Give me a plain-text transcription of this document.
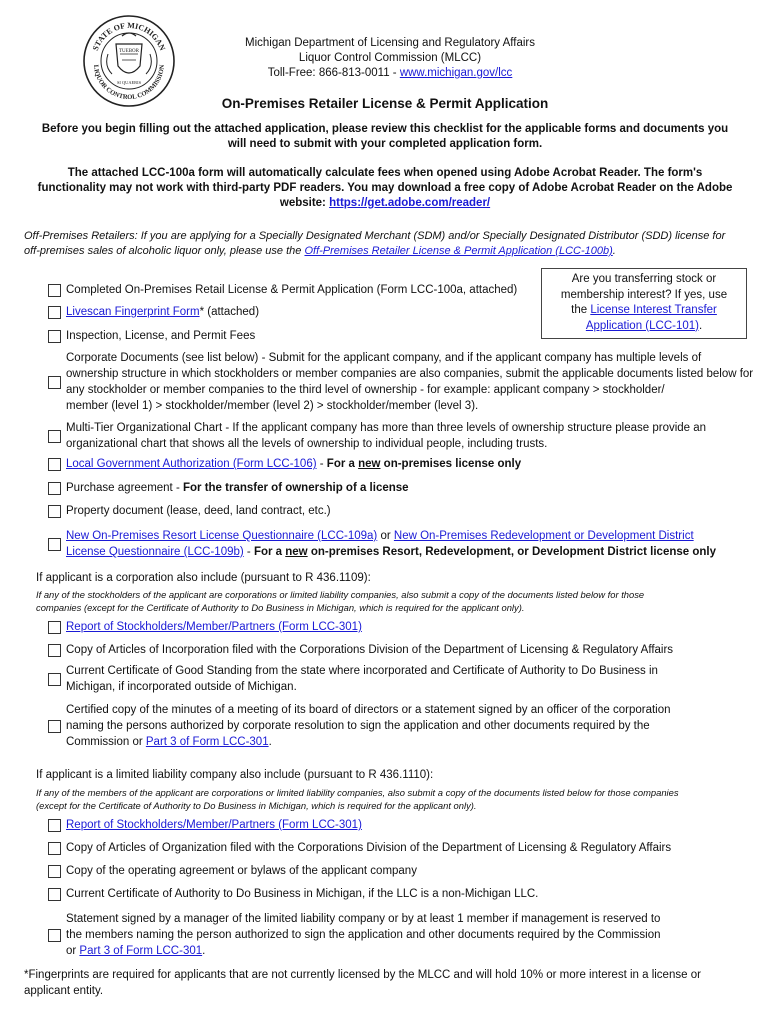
STATE OF MICHIGAN
LIQUOR CONTROL COMMISSION
TUEBOR
SI QUAERIS
Michigan Department of Licensing and Regulatory Affairs
Liquor Control Commission (MLCC)
Toll-Free: 866-813-0011 - www.michigan.gov/lcc
On-Premises Retailer License & Permit Application
Before you begin filling out the attached application, please review this checklist for the applicable forms and documents you
will need to submit with your completed application form.
The attached LCC-100a form will automatically calculate fees when opened using Adobe Acrobat Reader. The form's
functionality may not work with third-party PDF readers. You may download a free copy of Adobe Acrobat Reader on the Adobe
website: https://get.adobe.com/reader/
Off-Premises Retailers: If you are applying for a Specially Designated Merchant (SDM) and/or Specially Designated Distributor (SDD) license for
off-premises sales of alcoholic liquor only, please use the Off-Premises Retailer License & Permit Application (LCC-100b).
Are you transferring stock or
membership interest? If yes, use
the License Interest Transfer
Application (LCC-101).
Completed On-Premises Retail License & Permit Application (Form LCC-100a, attached)
Livescan Fingerprint Form* (attached)
Inspection, License, and Permit Fees
Corporate Documents (see list below) - Submit for the applicant company, and if the applicant company has multiple levels of
ownership structure in which stockholders or member companies are also companies, submit the applicable documents listed below for
any stockholder or member companies to the third level of ownership - for example: applicant company > stockholder/
member (level 1) > stockholder/member (level 2) > stockholder/member (level 3).
Multi-Tier Organizational Chart - If the applicant company has more than three levels of ownership structure please provide an
organizational chart that shows all the levels of ownership to individual people, including trusts.
Local Government Authorization (Form LCC-106) - For a new on-premises license only
Purchase agreement - For the transfer of ownership of a license
Property document (lease, deed, land contract, etc.)
New On-Premises Resort License Questionnaire (LCC-109a) or New On-Premises Redevelopment or Development District
License Questionnaire (LCC-109b) - For a new on-premises Resort, Redevelopment, or Development District license only
If applicant is a corporation also include (pursuant to R 436.1109):
If any of the stockholders of the applicant are corporations or limited liability companies, also submit a copy of the documents listed below for those
companies (except for the Certificate of Authority to Do Business in Michigan, which is required for the applicant only).
Report of Stockholders/Member/Partners (Form LCC-301)
Copy of Articles of Incorporation filed with the Corporations Division of the Department of Licensing & Regulatory Affairs
Current Certificate of Good Standing from the state where incorporated and Certificate of Authority to Do Business in
Michigan, if incorporated outside of Michigan.
Certified copy of the minutes of a meeting of its board of directors or a statement signed by an officer of the corporation
naming the persons authorized by corporate resolution to sign the application and other documents required by the
Commission or Part 3 of Form LCC-301.
If applicant is a limited liability company also include (pursuant to R 436.1110):
If any of the members of the applicant are corporations or limited liability companies, also submit a copy of the documents listed below for those companies
(except for the Certificate of Authority to Do Business in Michigan, which is required for the applicant only).
Report of Stockholders/Member/Partners (Form LCC-301)
Copy of Articles of Organization filed with the Corporations Division of the Department of Licensing & Regulatory Affairs
Copy of the operating agreement or bylaws of the applicant company
Current Certificate of Authority to Do Business in Michigan, if the LLC is a non-Michigan LLC.
Statement signed by a manager of the limited liability company or by at least 1 member if management is reserved to
the members naming the person authorized to sign the application and other documents required by the Commission
or Part 3 of Form LCC-301.
*Fingerprints are required for applicants that are not currently licensed by the MLCC and will hold 10% or more interest in a license or
applicant entity.
